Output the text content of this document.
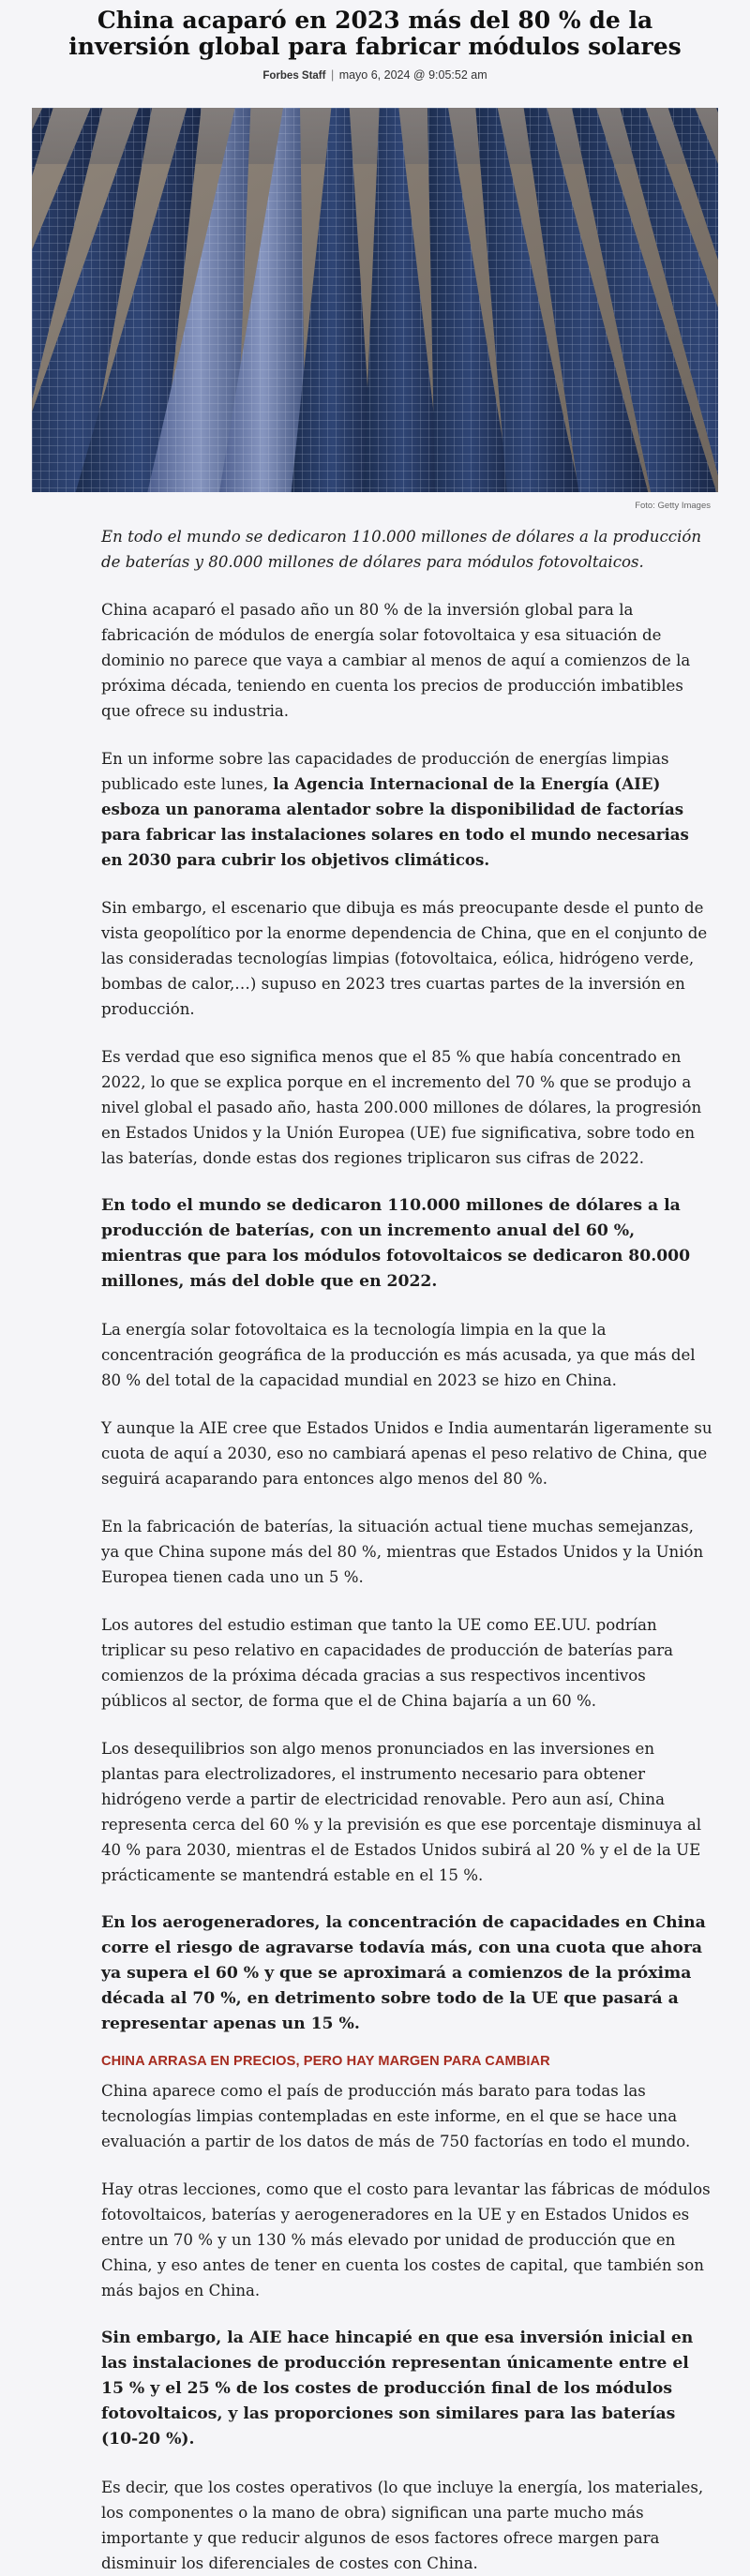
China acaparó en 2023 más del 80 % de la inversión global para fabricar módulos solares
Forbes Staff | mayo 6, 2024 @ 9:05:52 am
Foto: Getty Images

En todo el mundo se dedicaron 110.000 millones de dólares a la producción de baterías y 80.000 millones de dólares para módulos fotovoltaicos.

China acaparó el pasado año un 80 % de la inversión global para la fabricación de módulos de energía solar fotovoltaica y esa situación de dominio no parece que vaya a cambiar al menos de aquí a comienzos de la próxima década, teniendo en cuenta los precios de producción imbatibles que ofrece su industria.

En un informe sobre las capacidades de producción de energías limpias publicado este lunes, la Agencia Internacional de la Energía (AIE) esboza un panorama alentador sobre la disponibilidad de factorías para fabricar las instalaciones solares en todo el mundo necesarias en 2030 para cubrir los objetivos climáticos.

Sin embargo, el escenario que dibuja es más preocupante desde el punto de vista geopolítico por la enorme dependencia de China, que en el conjunto de las consideradas tecnologías limpias (fotovoltaica, eólica, hidrógeno verde, bombas de calor,…) supuso en 2023 tres cuartas partes de la inversión en producción.

Es verdad que eso significa menos que el 85 % que había concentrado en 2022, lo que se explica porque en el incremento del 70 % que se produjo a nivel global el pasado año, hasta 200.000 millones de dólares, la progresión en Estados Unidos y la Unión Europea (UE) fue significativa, sobre todo en las baterías, donde estas dos regiones triplicaron sus cifras de 2022.

En todo el mundo se dedicaron 110.000 millones de dólares a la producción de baterías, con un incremento anual del 60 %, mientras que para los módulos fotovoltaicos se dedicaron 80.000 millones, más del doble que en 2022.

La energía solar fotovoltaica es la tecnología limpia en la que la concentración geográfica de la producción es más acusada, ya que más del 80 % del total de la capacidad mundial en 2023 se hizo en China.

Y aunque la AIE cree que Estados Unidos e India aumentarán ligeramente su cuota de aquí a 2030, eso no cambiará apenas el peso relativo de China, que seguirá acaparando para entonces algo menos del 80 %.

En la fabricación de baterías, la situación actual tiene muchas semejanzas, ya que China supone más del 80 %, mientras que Estados Unidos y la Unión Europea tienen cada uno un 5 %.

Los autores del estudio estiman que tanto la UE como EE.UU. podrían triplicar su peso relativo en capacidades de producción de baterías para comienzos de la próxima década gracias a sus respectivos incentivos públicos al sector, de forma que el de China bajaría a un 60 %.

Los desequilibrios son algo menos pronunciados en las inversiones en plantas para electrolizadores, el instrumento necesario para obtener hidrógeno verde a partir de electricidad renovable. Pero aun así, China representa cerca del 60 % y la previsión es que ese porcentaje disminuya al 40 % para 2030, mientras el de Estados Unidos subirá al 20 % y el de la UE prácticamente se mantendrá estable en el 15 %.

En los aerogeneradores, la concentración de capacidades en China corre el riesgo de agravarse todavía más, con una cuota que ahora ya supera el 60 % y que se aproximará a comienzos de la próxima década al 70 %, en detrimento sobre todo de la UE que pasará a representar apenas un 15 %.

CHINA ARRASA EN PRECIOS, PERO HAY MARGEN PARA CAMBIAR

China aparece como el país de producción más barato para todas las tecnologías limpias contempladas en este informe, en el que se hace una evaluación a partir de los datos de más de 750 factorías en todo el mundo.

Hay otras lecciones, como que el costo para levantar las fábricas de módulos fotovoltaicos, baterías y aerogeneradores en la UE y en Estados Unidos es entre un 70 % y un 130 % más elevado por unidad de producción que en China, y eso antes de tener en cuenta los costes de capital, que también son más bajos en China.

Sin embargo, la AIE hace hincapié en que esa inversión inicial en las instalaciones de producción representan únicamente entre el 15 % y el 25 % de los costes de producción final de los módulos fotovoltaicos, y las proporciones son similares para las baterías (10-20 %).

Es decir, que los costes operativos (lo que incluye la energía, los materiales, los componentes o la mano de obra) significan una parte mucho más importante y que reducir algunos de esos factores ofrece margen para disminuir los diferenciales de costes con China.
